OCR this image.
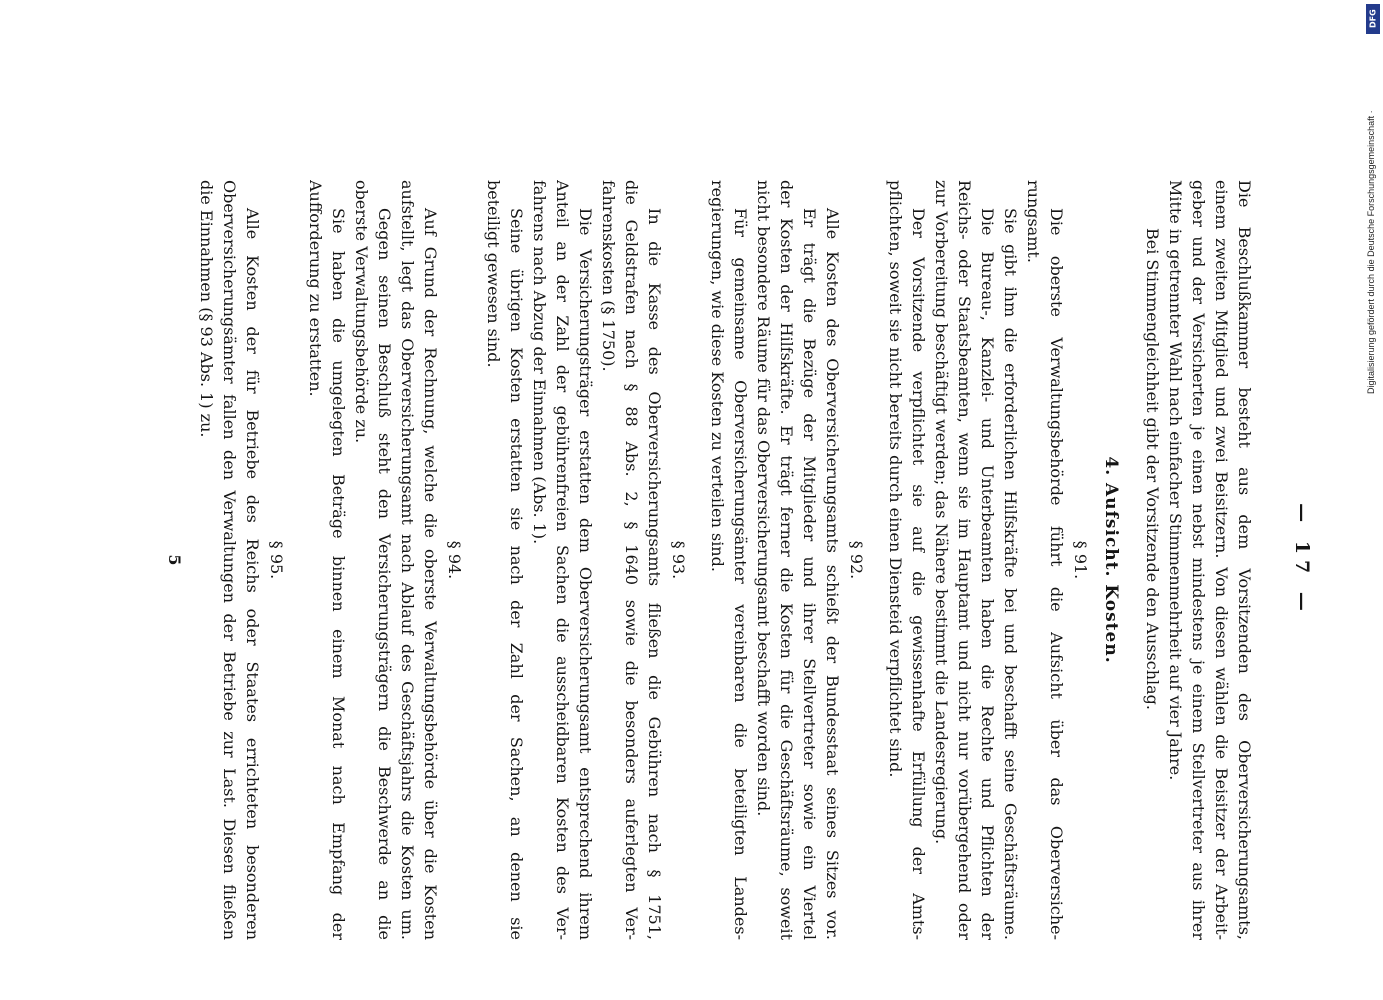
— 17 —
Die Beschlußkammer besteht aus dem Vorsitzenden des Oberversicherungsamts,
einem zweiten Mitglied und zwei Beisitzern. Von diesen wählen die Beisitzer der Arbeit-
geber und der Versicherten je einen nebst mindestens je einem Stellvertreter aus ihrer
Mitte in getrennter Wahl nach einfacher Stimmenmehrheit auf vier Jahre.
Bei Stimmengleichheit gibt der Vorsitzende den Ausschlag.
4. Aufsicht. Kosten.
§ 91.
Die oberste Verwaltungsbehörde führt die Aufsicht über das Oberversiche-
rungsamt.
Sie gibt ihm die erforderlichen Hilfskräfte bei und beschafft seine Geschäftsräume.
Die Bureau-, Kanzlei- und Unterbeamten haben die Rechte und Pflichten der
Reichs- oder Staatsbeamten, wenn sie im Hauptamt und nicht nur vorübergehend oder
zur Vorbereitung beschäftigt werden; das Nähere bestimmt die Landesregierung.
Der Vorsitzende verpflichtet sie auf die gewissenhafte Erfüllung der Amts-
pflichten, soweit sie nicht bereits durch einen Diensteid verpflichtet sind.
§ 92.
Alle Kosten des Oberversicherungsamts schießt der Bundesstaat seines Sitzes vor.
Er trägt die Bezüge der Mitglieder und ihrer Stellvertreter sowie ein Viertel
der Kosten der Hilfskräfte. Er trägt ferner die Kosten für die Geschäftsräume, soweit
nicht besondere Räume für das Oberversicherungsamt beschafft worden sind.
Für gemeinsame Oberversicherungsämter vereinbaren die beteiligten Landes-
regierungen, wie diese Kosten zu verteilen sind.
§ 93.
In die Kasse des Oberversicherungsamts fließen die Gebühren nach § 1751,
die Geldstrafen nach § 88 Abs. 2, § 1640 sowie die besonders auferlegten Ver-
fahrenskosten (§ 1750).
Die Versicherungsträger erstatten dem Oberversicherungsamt entsprechend ihrem
Anteil an der Zahl der gebührenfreien Sachen die ausscheidbaren Kosten des Ver-
fahrens nach Abzug der Einnahmen (Abs. 1).
Seine übrigen Kosten erstatten sie nach der Zahl der Sachen, an denen sie
beteiligt gewesen sind.
§ 94.
Auf Grund der Rechnung, welche die oberste Verwaltungsbehörde über die Kosten
aufstellt, legt das Oberversicherungsamt nach Ablauf des Geschäftsjahrs die Kosten um.
Gegen seinen Beschluß steht den Versicherungsträgern die Beschwerde an die
oberste Verwaltungsbehörde zu.
Sie haben die umgelegten Beträge binnen einem Monat nach Empfang der
Aufforderung zu erstatten.
§ 95.
Alle Kosten der für Betriebe des Reichs oder Staates errichteten besonderen
Oberversicherungsämter fallen den Verwaltungen der Betriebe zur Last. Diesen fließen
die Einnahmen (§ 93 Abs. 1) zu.
5
DFG
Digitalisierung gefördert durch die Deutsche Forschungsgemeinschaft ·
